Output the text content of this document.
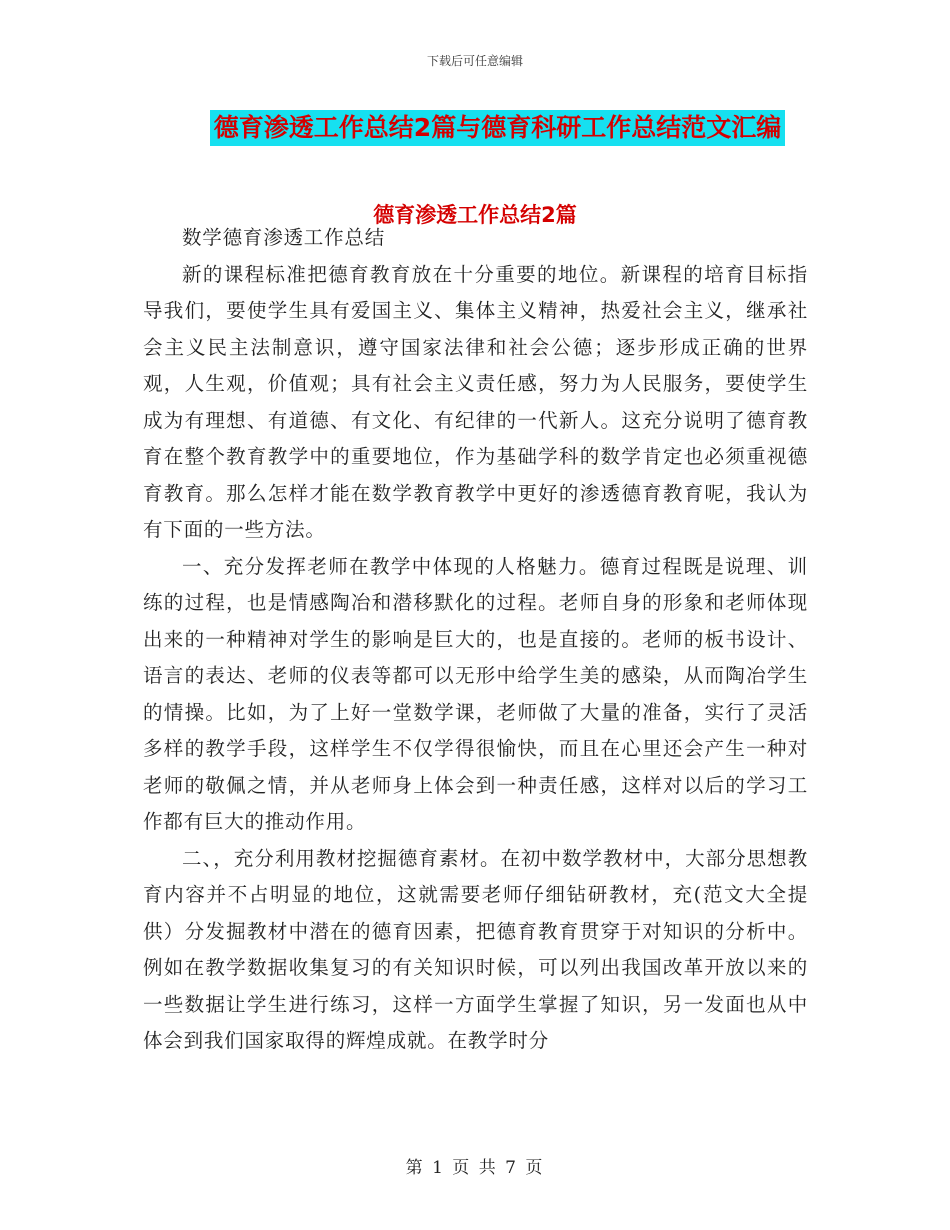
下载后可任意编辑
德育渗透工作总结2篇与德育科研工作总结范文汇编
德育渗透工作总结2篇

数学德育渗透工作总结

新的课程标准把德育教育放在十分重要的地位。新课程的培育目标指导我们，要使学生具有爱国主义、集体主义精神，热爱社会主义，继承社会主义民主法制意识，遵守国家法律和社会公德；逐步形成正确的世界观，人生观，价值观；具有社会主义责任感，努力为人民服务，要使学生成为有理想、有道德、有文化、有纪律的一代新人。这充分说明了德育教育在整个教育教学中的重要地位，作为基础学科的数学肯定也必须重视德育教育。那么怎样才能在数学教育教学中更好的渗透德育教育呢，我认为有下面的一些方法。

一、充分发挥老师在教学中体现的人格魅力。德育过程既是说理、训练的过程，也是情感陶冶和潜移默化的过程。老师自身的形象和老师体现出来的一种精神对学生的影响是巨大的，也是直接的。老师的板书设计、语言的表达、老师的仪表等都可以无形中给学生美的感染，从而陶冶学生的情操。比如，为了上好一堂数学课，老师做了大量的准备，实行了灵活多样的教学手段，这样学生不仅学得很愉快，而且在心里还会产生一种对老师的敬佩之情，并从老师身上体会到一种责任感，这样对以后的学习工作都有巨大的推动作用。

二、，充分利用教材挖掘德育素材。在初中数学教材中，大部分思想教育内容并不占明显的地位，这就需要老师仔细钻研教材，充(范文大全提供）分发掘教材中潜在的德育因素，把德育教育贯穿于对知识的分析中。例如在教学数据收集复习的有关知识时候，可以列出我国改革开放以来的一些数据让学生进行练习，这样一方面学生掌握了知识，另一发面也从中体会到我们国家取得的辉煌成就。在教学时分

第 1 页 共 7 页
